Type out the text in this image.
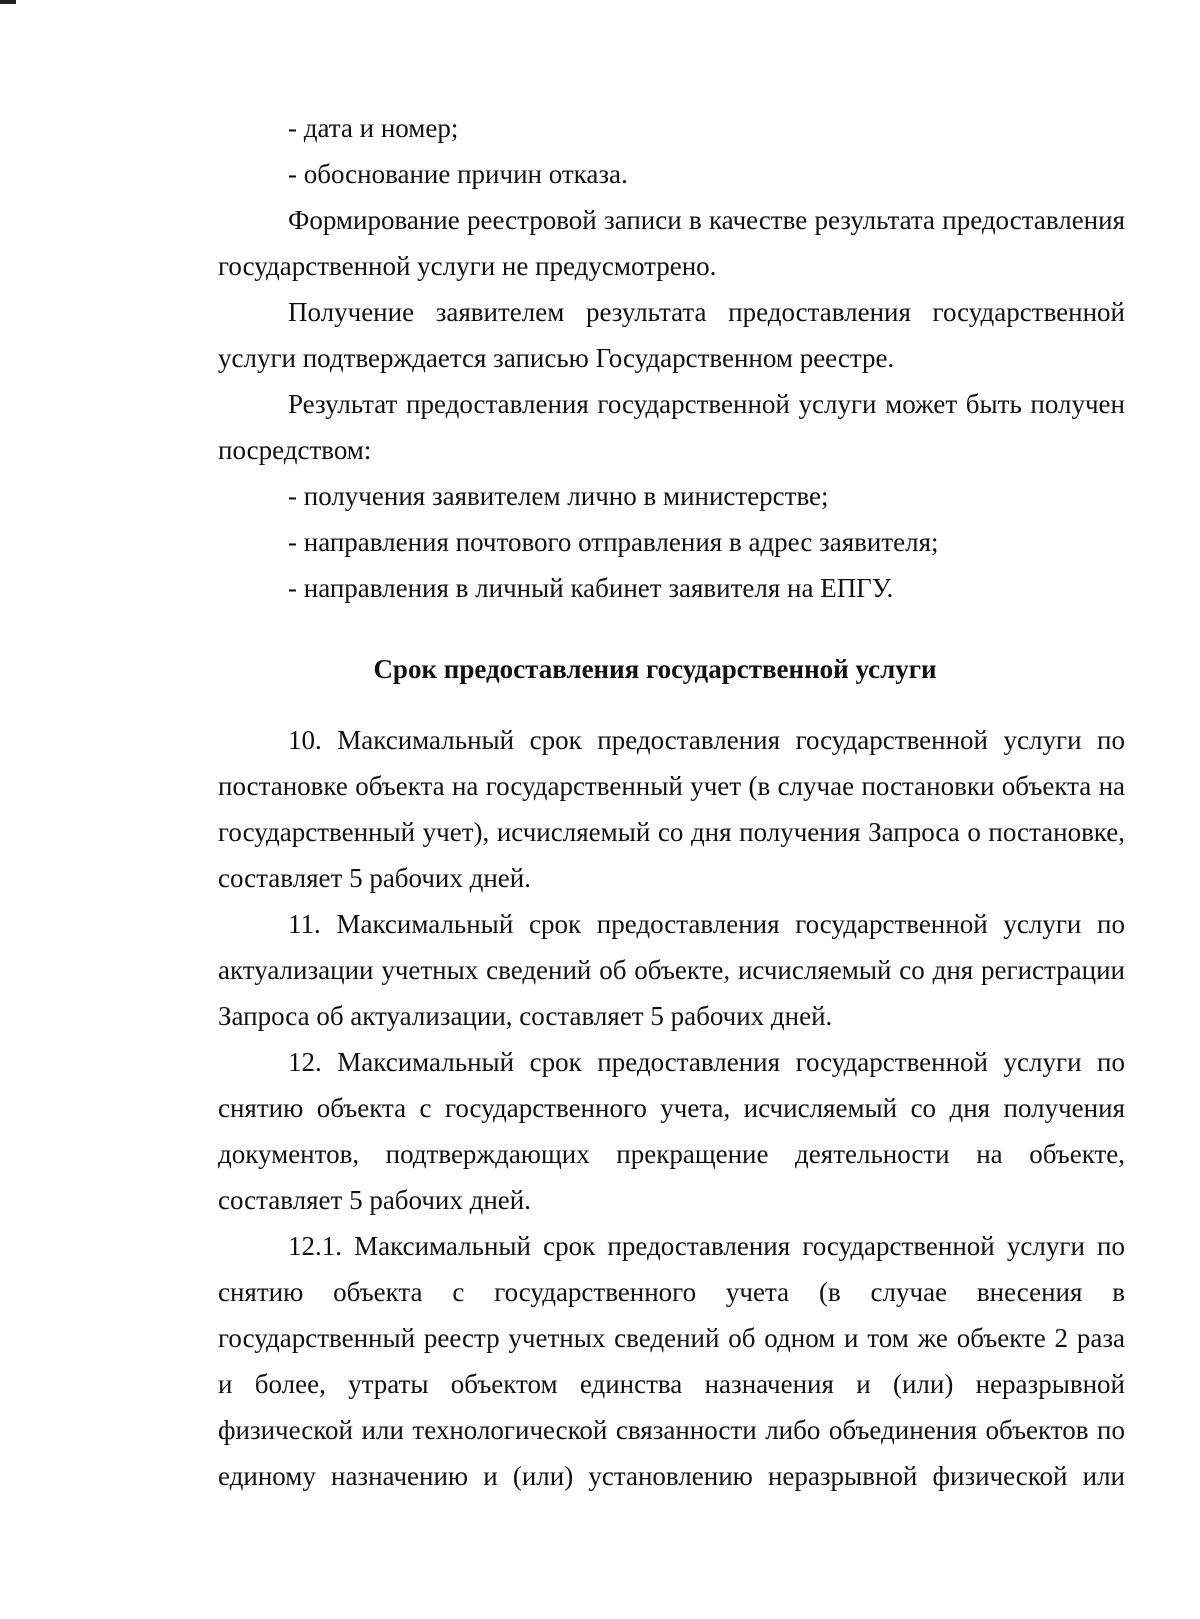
- дата и номер;
- обоснование причин отказа.
Формирование реестровой записи в качестве результата предоставления
государственной услуги не предусмотрено.
Получение заявителем результата предоставления государственной
услуги подтверждается записью Государственном реестре.
Результат предоставления государственной услуги может быть получен
посредством:
- получения заявителем лично в министерстве;
- направления почтового отправления в адрес заявителя;
- направления в личный кабинет заявителя на ЕПГУ.
Срок предоставления государственной услуги
10. Максимальный срок предоставления государственной услуги по
постановке объекта на государственный учет (в случае постановки объекта на
государственный учет), исчисляемый со дня получения Запроса о постановке,
составляет 5 рабочих дней.
11. Максимальный срок предоставления государственной услуги по
актуализации учетных сведений об объекте, исчисляемый со дня регистрации
Запроса об актуализации, составляет 5 рабочих дней.
12. Максимальный срок предоставления государственной услуги по
снятию объекта с государственного учета, исчисляемый со дня получения
документов, подтверждающих прекращение деятельности на объекте,
составляет 5 рабочих дней.
12.1. Максимальный срок предоставления государственной услуги по
снятию объекта с государственного учета (в случае внесения в
государственный реестр учетных сведений об одном и том же объекте 2 раза
и более, утраты объектом единства назначения и (или) неразрывной
физической или технологической связанности либо объединения объектов по
единому назначению и (или) установлению неразрывной физической или
